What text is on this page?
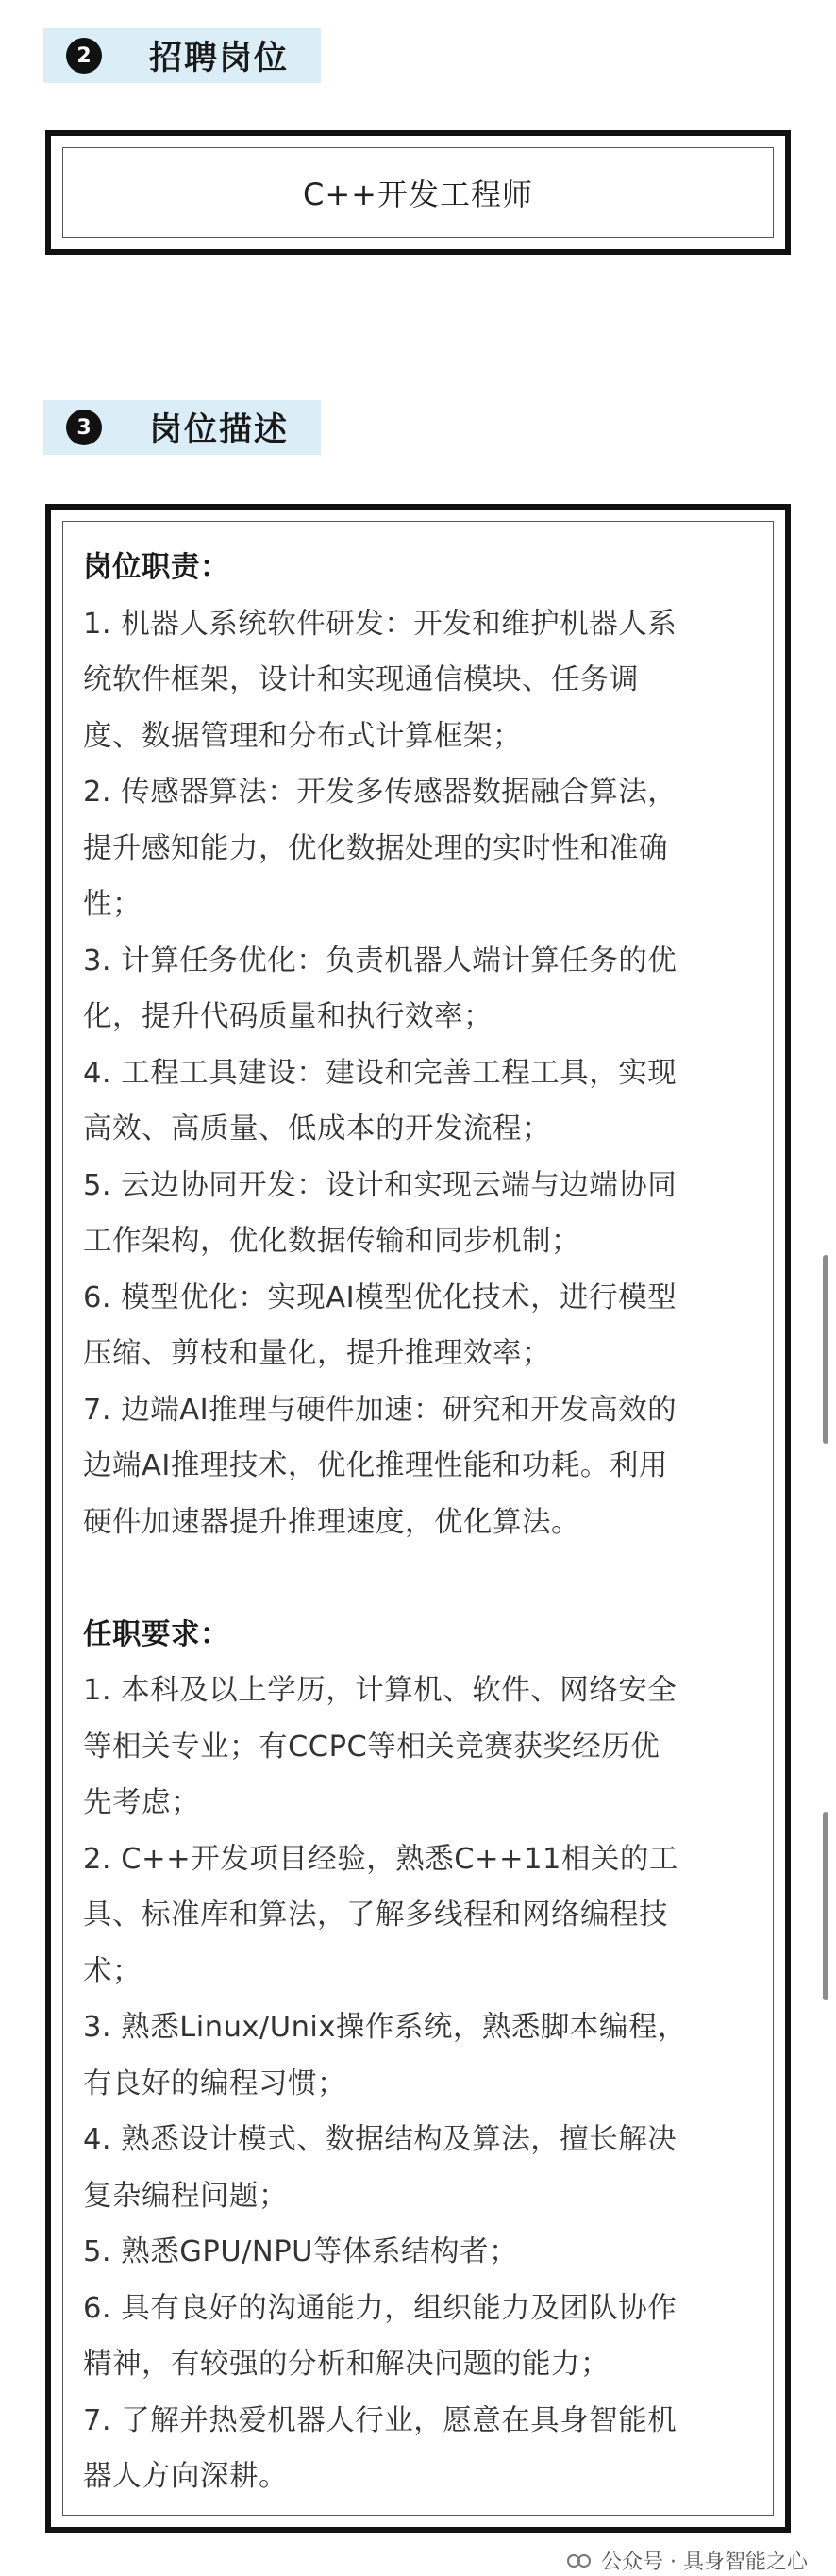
2	招聘岗位
C++开发工程师
3	岗位描述
岗位职责：
1. 机器人系统软件研发：开发和维护机器人系
统软件框架，设计和实现通信模块、任务调
度、数据管理和分布式计算框架；
2. 传感器算法：开发多传感器数据融合算法，
提升感知能力，优化数据处理的实时性和准确
性；
3. 计算任务优化：负责机器人端计算任务的优
化，提升代码质量和执行效率；
4. 工程工具建设：建设和完善工程工具，实现
高效、高质量、低成本的开发流程；
5. 云边协同开发：设计和实现云端与边端协同
工作架构，优化数据传输和同步机制；
6. 模型优化：实现AI模型优化技术，进行模型
压缩、剪枝和量化，提升推理效率；
7. 边端AI推理与硬件加速：研究和开发高效的
边端AI推理技术，优化推理性能和功耗。利用
硬件加速器提升推理速度，优化算法。
任职要求：
1. 本科及以上学历，计算机、软件、网络安全
等相关专业；有CCPC等相关竞赛获奖经历优
先考虑；
2. C++开发项目经验，熟悉C++11相关的工
具、标准库和算法，了解多线程和网络编程技
术；
3. 熟悉Linux/Unix操作系统，熟悉脚本编程，
有良好的编程习惯；
4. 熟悉设计模式、数据结构及算法，擅长解决
复杂编程问题；
5. 熟悉GPU/NPU等体系结构者；
6. 具有良好的沟通能力，组织能力及团队协作
精神，有较强的分析和解决问题的能力；
7. 了解并热爱机器人行业，愿意在具身智能机
器人方向深耕。
公众号 · 具身智能之心
